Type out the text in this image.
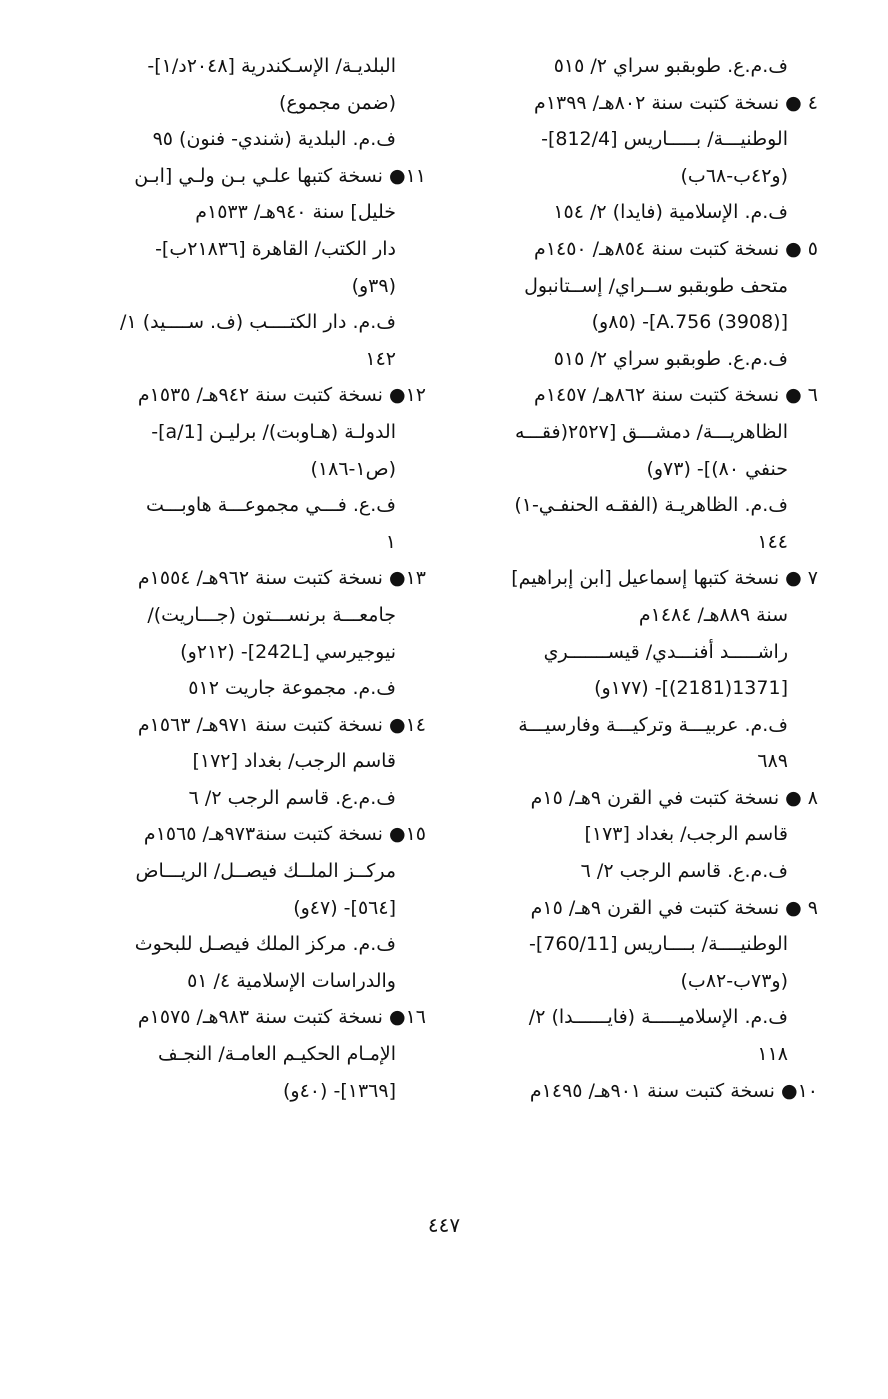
ف.م.ع. طوبقبو سراي ٢/ ٥١٥
٤ ● نسخة كتبت سنة ٨٠٢هـ/ ١٣٩٩م
الوطنيـــة/ بـــــاريس [812/4]-
(و٤٢ب-٦٨ب)
ف.م. الإسلامية (فايدا) ٢/ ١٥٤
٥ ● نسخة كتبت سنة ٨٥٤هـ/ ١٤٥٠م
متحف طوبقبو ســراي/ إســتانبول
[A.756 (3908)]- (٨٥و)
ف.م.ع. طوبقبو سراي ٢/ ٥١٥
٦ ● نسخة كتبت سنة ٨٦٢هـ/ ١٤٥٧م
الظاهريـــة/ دمشـــق [٢٥٢٧(فقـــه
حنفي ٨٠)]- (٧٣و)
ف.م. الظاهريـة (الفقـه الحنفـي-١)
١٤٤
٧ ● نسخة كتبها إسماعيل [ابن إبراهيم]
سنة ٨٨٩هـ/ ١٤٨٤م
راشـــــد أفنـــدي/ قيســـــــري
[1371(2181)]- (١٧٧و)
ف.م. عربيـــة وتركيـــة وفارسيـــة
٦٨٩
٨ ● نسخة كتبت في القرن ٩هـ/ ١٥م
قاسم الرجب/ بغداد [١٧٣]
ف.م.ع. قاسم الرجب ٢/ ٦
٩ ● نسخة كتبت في القرن ٩هـ/ ١٥م
الوطنيــــة/ بــــاريس [760/11]-
(و٧٣ب-٨٢ب)
ف.م. الإسلاميـــــة (فايــــــدا) ٢/
١١٨
١٠● نسخة كتبت سنة ٩٠١هـ/ ١٤٩٥م
البلديـة/ الإسـكندرية [٢٠٤٨د/١]-
(ضمن مجموع)
ف.م. البلدية (شندي- فنون) ٩٥
١١● نسخة كتبها علـي بـن ولـي [ابـن
خليل] سنة ٩٤٠هـ/ ١٥٣٣م
دار الكتب/ القاهرة [٢١٨٣٦ب]-
(٣٩و)
ف.م. دار الكتــــب (ف. ســــيد) ١/
١٤٢
١٢● نسخة كتبت سنة ٩٤٢هـ/ ١٥٣٥م
الدولـة (هـاوبت)/ برليـن [1/a]-
(ص١-١٨٦)
ف.ع. فـــي مجموعـــة هاوبـــت
١
١٣● نسخة كتبت سنة ٩٦٢هـ/ ١٥٥٤م
جامعـــة برنســـتون (جـــاريت)/
نيوجيرسي [242L]- (٢١٢و)
ف.م. مجموعة جاريت ٥١٢
١٤● نسخة كتبت سنة ٩٧١هـ/ ١٥٦٣م
قاسم الرجب/ بغداد [١٧٢]
ف.م.ع. قاسم الرجب ٢/ ٦
١٥● نسخة كتبت سنة٩٧٣هـ/ ١٥٦٥م
مركــز الملــك فيصــل/ الريـــاض
[٥٦٤]- (٤٧و)
ف.م. مركز الملك فيصـل للبحوث
والدراسات الإسلامية ٤/ ٥١
١٦● نسخة كتبت سنة ٩٨٣هـ/ ١٥٧٥م
الإمـام الحكيـم العامـة/ النجـف
[١٣٦٩]- (٤٠و)
٤٤٧
